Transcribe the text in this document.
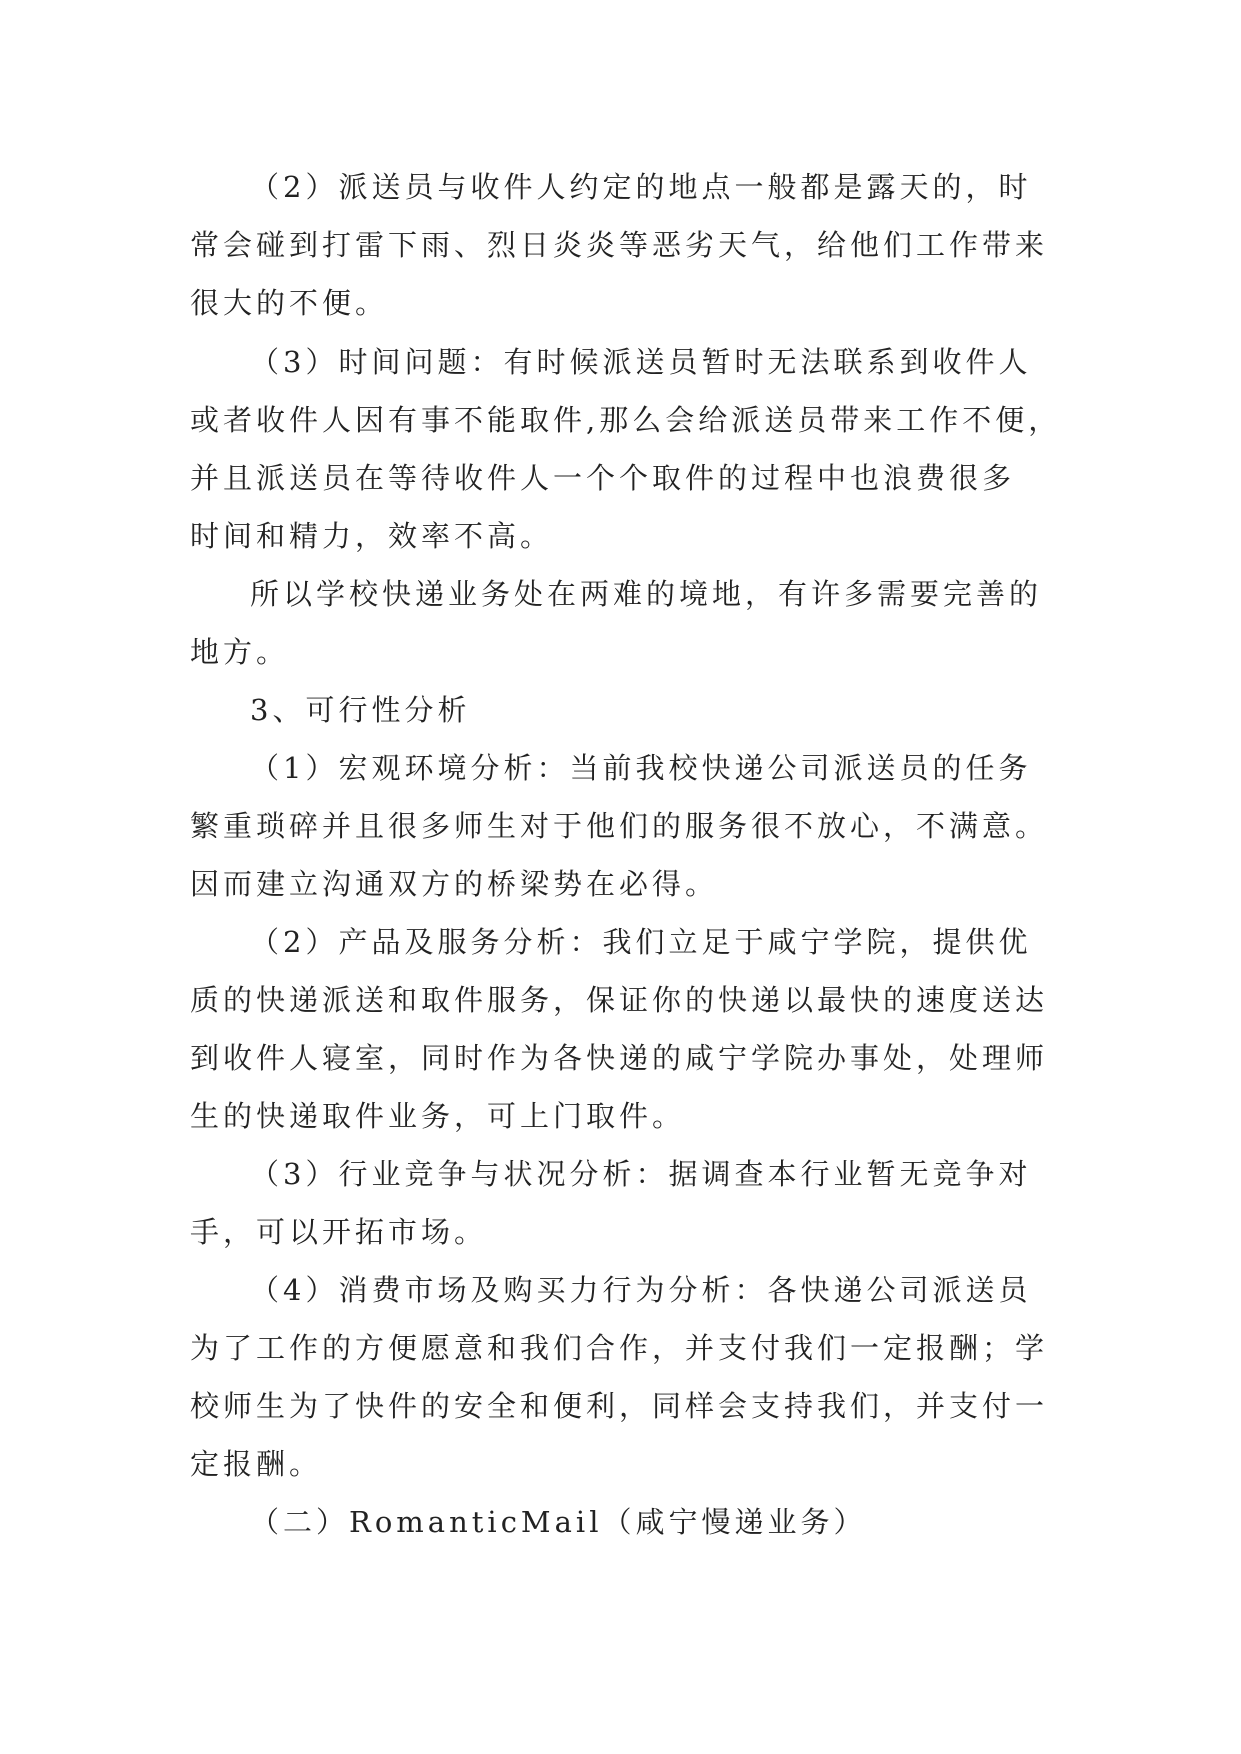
（2）派送员与收件人约定的地点一般都是露天的，时
常会碰到打雷下雨、烈日炎炎等恶劣天气，给他们工作带来
很大的不便。
（3）时间问题：有时候派送员暂时无法联系到收件人
或者收件人因有事不能取件,那么会给派送员带来工作不便，
并且派送员在等待收件人一个个取件的过程中也浪费很多
时间和精力，效率不高。
所以学校快递业务处在两难的境地，有许多需要完善的
地方。
3、可行性分析
（1）宏观环境分析：当前我校快递公司派送员的任务
繁重琐碎并且很多师生对于他们的服务很不放心，不满意。
因而建立沟通双方的桥梁势在必得。
（2）产品及服务分析：我们立足于咸宁学院，提供优
质的快递派送和取件服务，保证你的快递以最快的速度送达
到收件人寝室，同时作为各快递的咸宁学院办事处，处理师
生的快递取件业务，可上门取件。
（3）行业竞争与状况分析：据调查本行业暂无竞争对
手，可以开拓市场。
（4）消费市场及购买力行为分析：各快递公司派送员
为了工作的方便愿意和我们合作，并支付我们一定报酬；学
校师生为了快件的安全和便利，同样会支持我们，并支付一
定报酬。
（二）RomanticMail（咸宁慢递业务）
